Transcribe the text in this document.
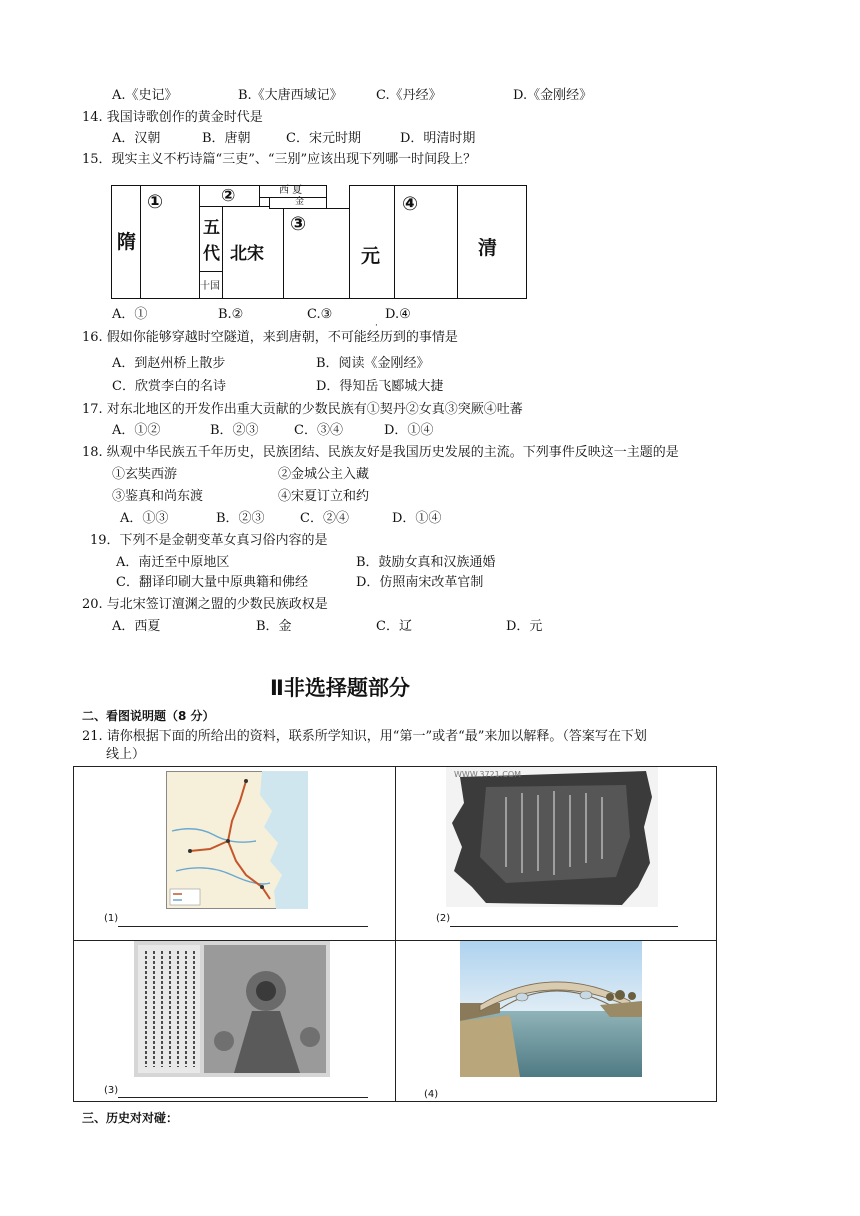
A.《史记》	B.《大唐西域记》	C.《丹经》	D.《金刚经》
14. 我国诗歌创作的黄金时代是
A．汉朝	B．唐朝	C．宋元时期	D．明清时期
15．现实主义不朽诗篇“三吏”、“三别”应该出现下列哪一时间段上？
隋
①	②
五
代
十国
北宋
西 夏
金
③
元
④
清
A．①	B.②	C.③	D.④
16. 假如你能够穿越时空隧道，来到唐朝，不可能经历到的事情是
·
A．到赵州桥上散步	B．阅读《金刚经》
C．欣赏李白的名诗	D．得知岳飞郾城大捷
17. 对东北地区的开发作出重大贡献的少数民族有①契丹②女真③突厥④吐蕃
A．①②	B．②③	C．③④	D．①④
18. 纵观中华民族五千年历史，民族团结、民族友好是我国历史发展的主流。下列事件反映这一主题的是
①玄奘西游	②金城公主入藏
③鉴真和尚东渡	④宋夏订立和约
A．①③	B．②③	C．②④	D．①④
19．下列不是金朝变革女真习俗内容的是
A．南迁至中原地区	B．鼓励女真和汉族通婚
C．翻译印刷大量中原典籍和佛经	D．仿照南宋改革官制
20. 与北宋签订澶渊之盟的少数民族政权是
A．西夏	B．金	C．辽	D．元
Ⅱ非选择题部分
二、看图说明题（8 分）
21. 请你根据下面的所给出的资料，联系所学知识，用“第一”或者“最”来加以解释。（答案写在下划
线上）
(1)
WWW.3721.COM
(2)
(3)	(4)
三、历史对对碰：
